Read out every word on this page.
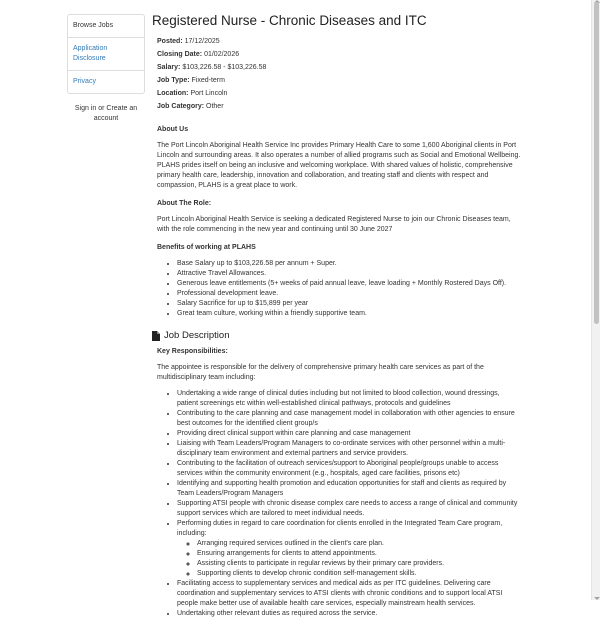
Browse Jobs
Application Disclosure
Privacy
Sign in or Create an account
Registered Nurse - Chronic Diseases and ITC
Posted: 17/12/2025
Closing Date: 01/02/2026
Salary: $103,226.58 - $103,226.58
Job Type: Fixed-term
Location: Port Lincoln
Job Category: Other
About Us

The Port Lincoln Aboriginal Health Service Inc provides Primary Health Care to some 1,600 Aboriginal clients in Port Lincoln and surrounding areas. It also operates a number of allied programs such as Social and Emotional Wellbeing. PLAHS prides itself on being an inclusive and welcoming workplace. With shared values of holistic, comprehensive primary health care, leadership, innovation and collaboration, and treating staff and clients with respect and compassion, PLAHS is a great place to work.

About The Role:

Port Lincoln Aboriginal Health Service is seeking a dedicated Registered Nurse to join our Chronic Diseases team, with the role commencing in the new year and continuing until 30 June 2027

Benefits of working at PLAHS
• Base Salary up to $103,226.58 per annum + Super.
• Attractive Travel Allowances.
• Generous leave entitlements (5+ weeks of paid annual leave, leave loading + Monthly Rostered Days Off).
• Professional development leave.
• Salary Sacrifice for up to $15,899 per year
• Great team culture, working within a friendly supportive team.
Job Description
Key Responsibilities:

The appointee is responsible for the delivery of comprehensive primary health care services as part of the multidisciplinary team including:

• Undertaking a wide range of clinical duties including but not limited to blood collection, wound dressings, patient screenings etc within well-established clinical pathways, protocols and guidelines
• Contributing to the care planning and case management model in collaboration with other agencies to ensure best outcomes for the identified client group/s
• Providing direct clinical support within care planning and case management
• Liaising with Team Leaders/Program Managers to co-ordinate services with other personnel within a multi-disciplinary team environment and external partners and service providers.
• Contributing to the facilitation of outreach services/support to Aboriginal people/groups unable to access services within the community environment (e.g., hospitals, aged care facilities, prisons etc)
• Identifying and supporting health promotion and education opportunities for staff and clients as required by Team Leaders/Program Managers
• Supporting ATSI people with chronic disease complex care needs to access a range of clinical and community support services which are tailored to meet individual needs.
• Performing duties in regard to care coordination for clients enrolled in the Integrated Team Care program, including:
◦ Arranging required services outlined in the client's care plan.
◦ Ensuring arrangements for clients to attend appointments.
◦ Assisting clients to participate in regular reviews by their primary care providers.
◦ Supporting clients to develop chronic condition self-management skills.
• Facilitating access to supplementary services and medical aids as per ITC guidelines. Delivering care coordination and supplementary services to ATSI clients with chronic conditions and to support local ATSI people make better use of available health care services, especially mainstream health services.
• Undertaking other relevant duties as required across the service.
